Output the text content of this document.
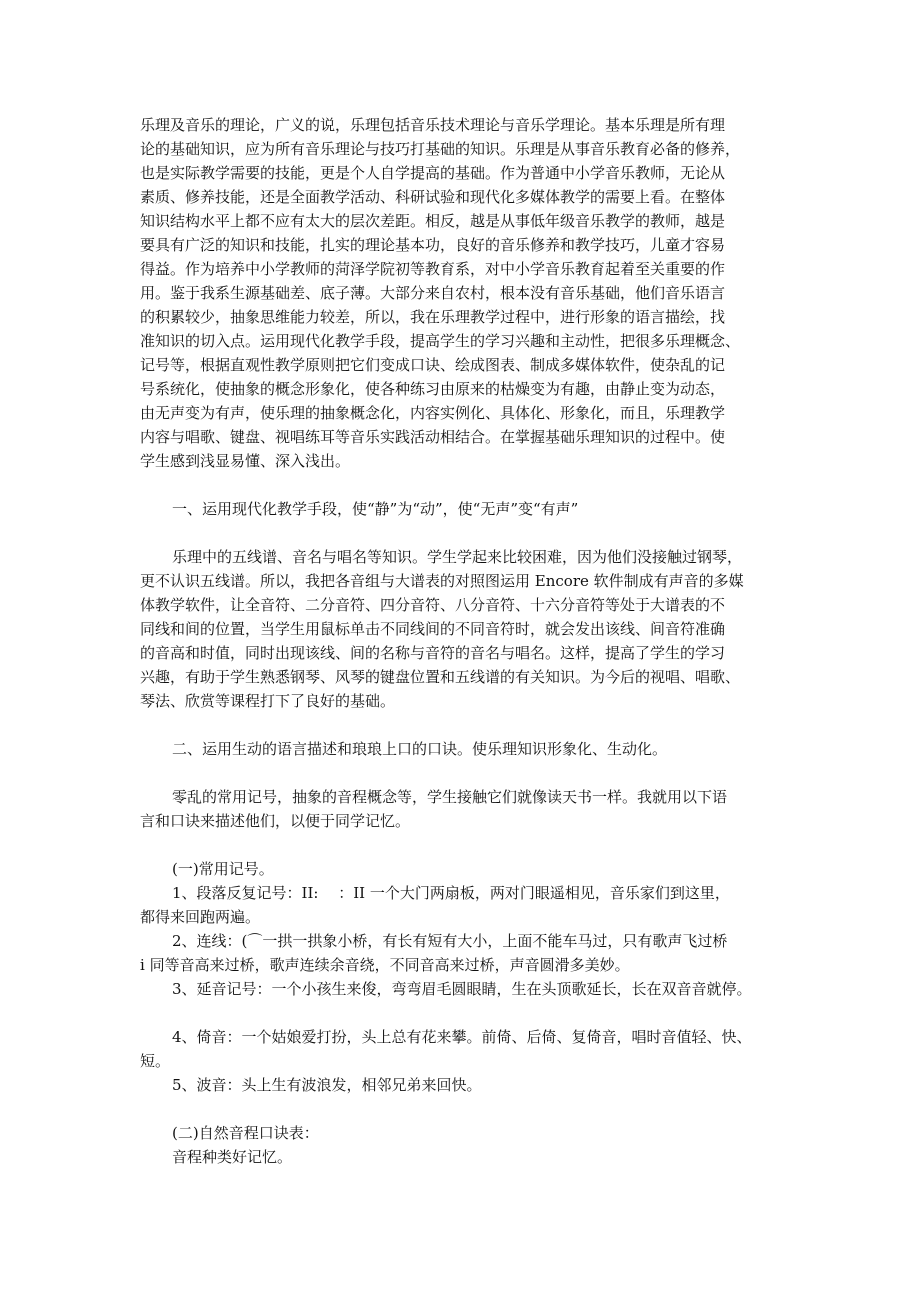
乐理及音乐的理论，广义的说，乐理包括音乐技术理论与音乐学理论。基本乐理是所有理
论的基础知识，应为所有音乐理论与技巧打基础的知识。乐理是从事音乐教育必备的修养，
也是实际教学需要的技能，更是个人自学提高的基础。作为普通中小学音乐教师，无论从
素质、修养技能，还是全面教学活动、科研试验和现代化多媒体教学的需要上看。在整体
知识结构水平上都不应有太大的层次差距。相反，越是从事低年级音乐教学的教师，越是
要具有广泛的知识和技能，扎实的理论基本功，良好的音乐修养和教学技巧，儿童才容易
得益。作为培养中小学教师的菏泽学院初等教育系，对中小学音乐教育起着至关重要的作
用。鉴于我系生源基础差、底子薄。大部分来自农村，根本没有音乐基础，他们音乐语言
的积累较少，抽象思维能力较差，所以，我在乐理教学过程中，进行形象的语言描绘，找
准知识的切入点。运用现代化教学手段，提高学生的学习兴趣和主动性，把很多乐理概念、
记号等，根据直观性教学原则把它们变成口诀、绘成图表、制成多媒体软件，使杂乱的记
号系统化，使抽象的概念形象化，使各种练习由原来的枯燥变为有趣，由静止变为动态，
由无声变为有声，使乐理的抽象概念化，内容实例化、具体化、形象化，而且，乐理教学
内容与唱歌、键盘、视唱练耳等音乐实践活动相结合。在掌握基础乐理知识的过程中。使
学生感到浅显易懂、深入浅出。
一、运用现代化教学手段，使“静”为“动”，使“无声”变“有声”
乐理中的五线谱、音名与唱名等知识。学生学起来比较困难，因为他们没接触过钢琴，
更不认识五线谱。所以，我把各音组与大谱表的对照图运用 Encore 软件制成有声音的多媒
体教学软件，让全音符、二分音符、四分音符、八分音符、十六分音符等处于大谱表的不
同线和间的位置，当学生用鼠标单击不同线间的不同音符时，就会发出该线、间音符准确
的音高和时值，同时出现该线、间的名称与音符的音名与唱名。这样，提高了学生的学习
兴趣，有助于学生熟悉钢琴、风琴的键盘位置和五线谱的有关知识。为今后的视唱、唱歌、
琴法、欣赏等课程打下了良好的基础。
二、运用生动的语言描述和琅琅上口的口诀。使乐理知识形象化、生动化。
零乱的常用记号，抽象的音程概念等，学生接触它们就像读天书一样。我就用以下语
言和口诀来描述他们，以便于同学记忆。
(一)常用记号。
1、段落反复记号：II:　 ：II 一个大门两扇板，两对门眼遥相见，音乐家们到这里，
都得来回跑两遍。
2、连线：(⌒一拱一拱象小桥，有长有短有大小，上面不能车马过，只有歌声飞过桥
i 同等音高来过桥，歌声连续余音绕，不同音高来过桥，声音圆滑多美妙。
3、延音记号：一个小孩生来俊，弯弯眉毛圆眼睛，生在头顶歌延长，长在双音音就停。
4、倚音：一个姑娘爱打扮，头上总有花来攀。前倚、后倚、复倚音，唱时音值轻、快、
短。
5、波音：头上生有波浪发，相邻兄弟来回快。
(二)自然音程口诀表：
音程种类好记忆。
